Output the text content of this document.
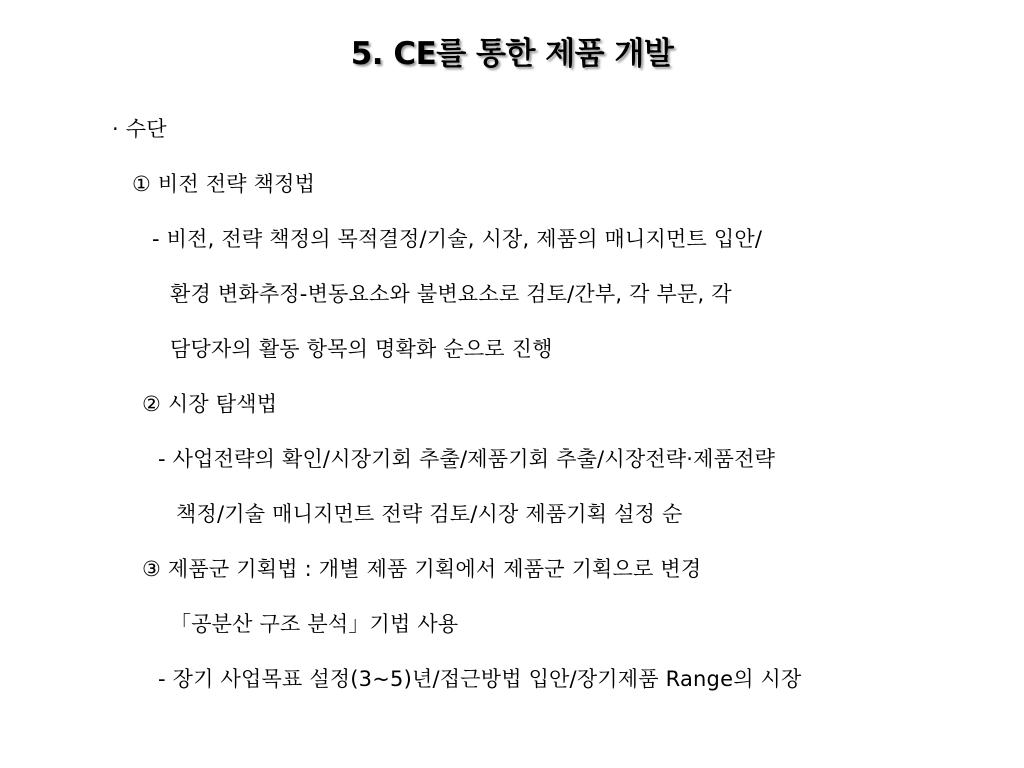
5. CE를 통한 제품 개발
· 수단
① 비전 전략 책정법
- 비전, 전략 책정의 목적결정/기술, 시장, 제품의 매니지먼트 입안/
환경 변화추정-변동요소와 불변요소로 검토/간부, 각 부문, 각
담당자의 활동 항목의 명확화 순으로 진행
② 시장 탐색법
- 사업전략의 확인/시장기회 추출/제품기회 추출/시장전략·제품전략
책정/기술 매니지먼트 전략 검토/시장 제품기획 설정 순
③ 제품군 기획법 : 개별 제품 기획에서 제품군 기획으로 변경
「공분산 구조 분석」기법 사용
- 장기 사업목표 설정(3~5)년/접근방법 입안/장기제품 Range의 시장
